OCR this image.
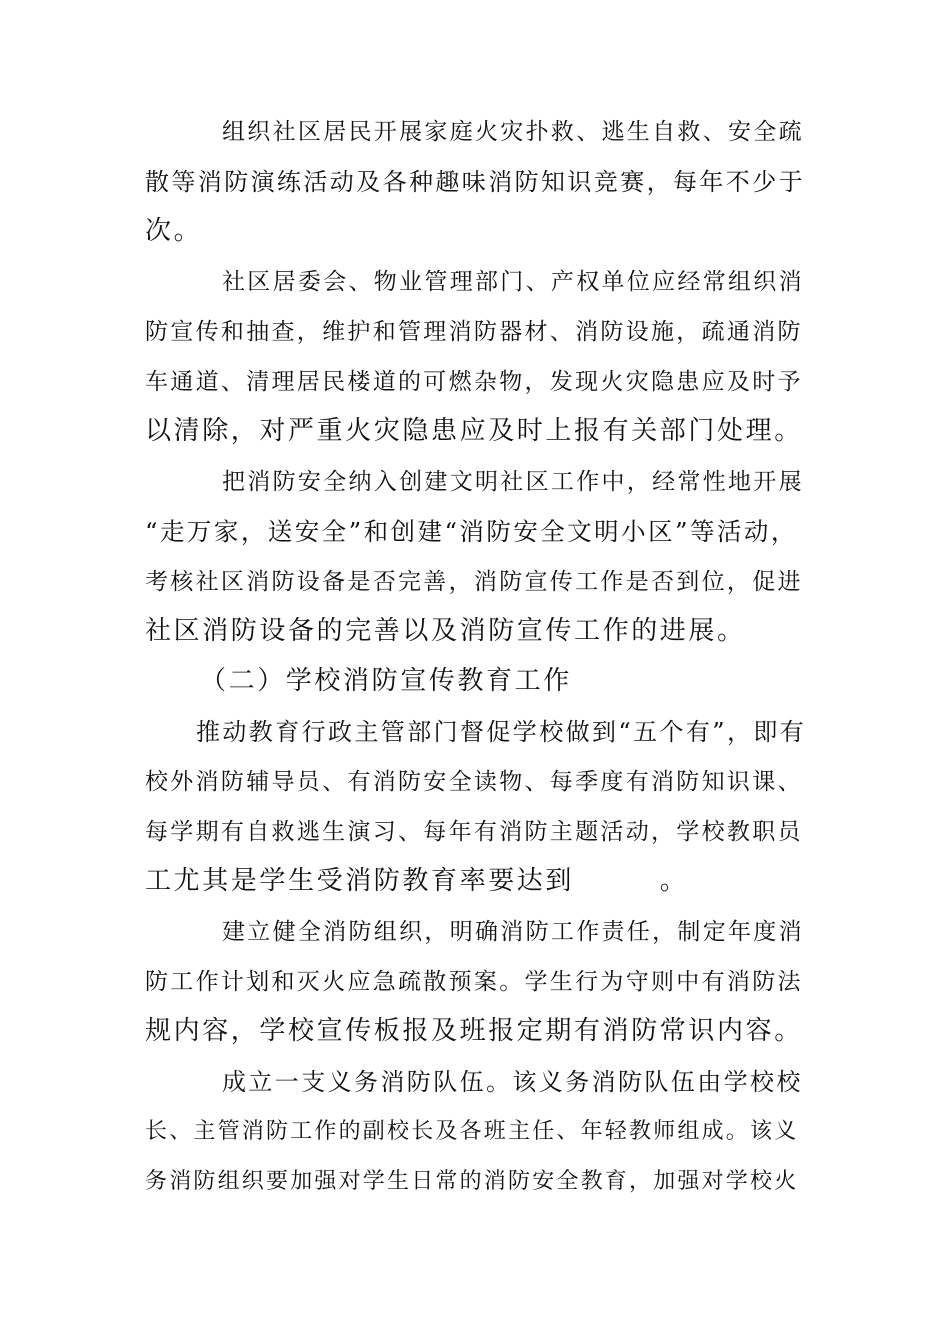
组织社区居民开展家庭火灾扑救、逃生自救、安全疏
散等消防演练活动及各种趣味消防知识竞赛，每年不少于
次。
社区居委会、物业管理部门、产权单位应经常组织消
防宣传和抽查，维护和管理消防器材、消防设施，疏通消防
车通道、清理居民楼道的可燃杂物，发现火灾隐患应及时予
以清除，对严重火灾隐患应及时上报有关部门处理。
把消防安全纳入创建文明社区工作中，经常性地开展
“走万家，送安全”和创建“消防安全文明小区”等活动，
考核社区消防设备是否完善，消防宣传工作是否到位，促进
社区消防设备的完善以及消防宣传工作的进展。
（二）学校消防宣传教育工作
推动教育行政主管部门督促学校做到“五个有”，即有
校外消防辅导员、有消防安全读物、每季度有消防知识课、
每学期有自救逃生演习、每年有消防主题活动，学校教职员
工尤其是学生受消防教育率要达到　　　。
建立健全消防组织，明确消防工作责任，制定年度消
防工作计划和灭火应急疏散预案。学生行为守则中有消防法
规内容，学校宣传板报及班报定期有消防常识内容。
成立一支义务消防队伍。该义务消防队伍由学校校
长、主管消防工作的副校长及各班主任、年轻教师组成。该义
务消防组织要加强对学生日常的消防安全教育，加强对学校火
